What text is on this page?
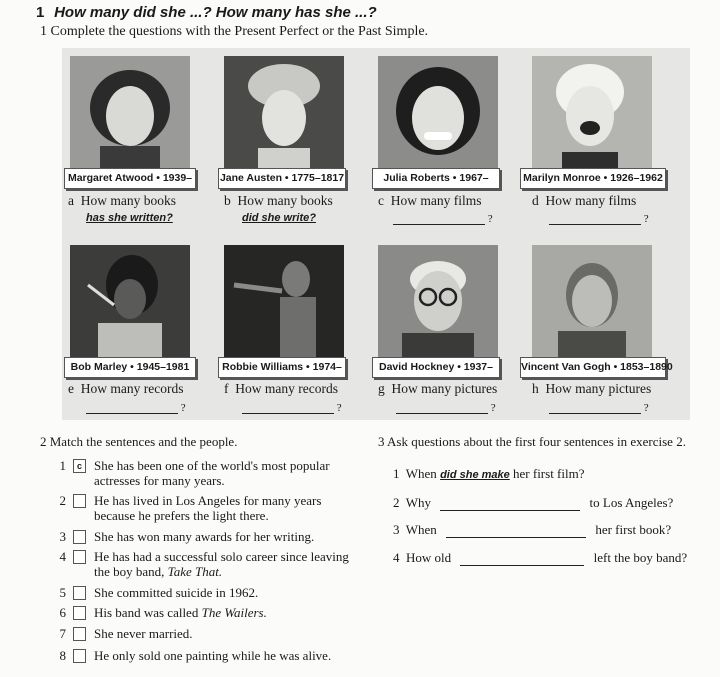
1 How many did she ...? How many has she ...?
1 Complete the questions with the Present Perfect or the Past Simple.
Margaret Atwood • 1939–	Jane Austen • 1775–1817	Julia Roberts • 1967–	Marilyn Monroe • 1926–1962
a How many books
has she written?
b How many books
did she write?
c How many films
?
d How many films
?
Bob Marley • 1945–1981	Robbie Williams • 1974–	David Hockney • 1937–	Vincent Van Gogh • 1853–1890
e How many records
?
f How many records
?
g How many pictures
?
h How many pictures
?
2 Match the sentences and the people.
1	c She has been one of the world's most popular actresses for many years.
2 He has lived in Los Angeles for many years because he prefers the light there.
3 She has won many awards for her writing.
4 He has had a successful solo career since leaving the boy band, Take That.
5 She committed suicide in 1962.
6 His band was called The Wailers.
7 She never married.
8 He only sold one painting while he was alive.
3 Ask questions about the first four sentences in exercise 2.
1 When did she make her first film?
2 Why	to Los Angeles?
3 When	her first book?
4 How old	left the boy band?
